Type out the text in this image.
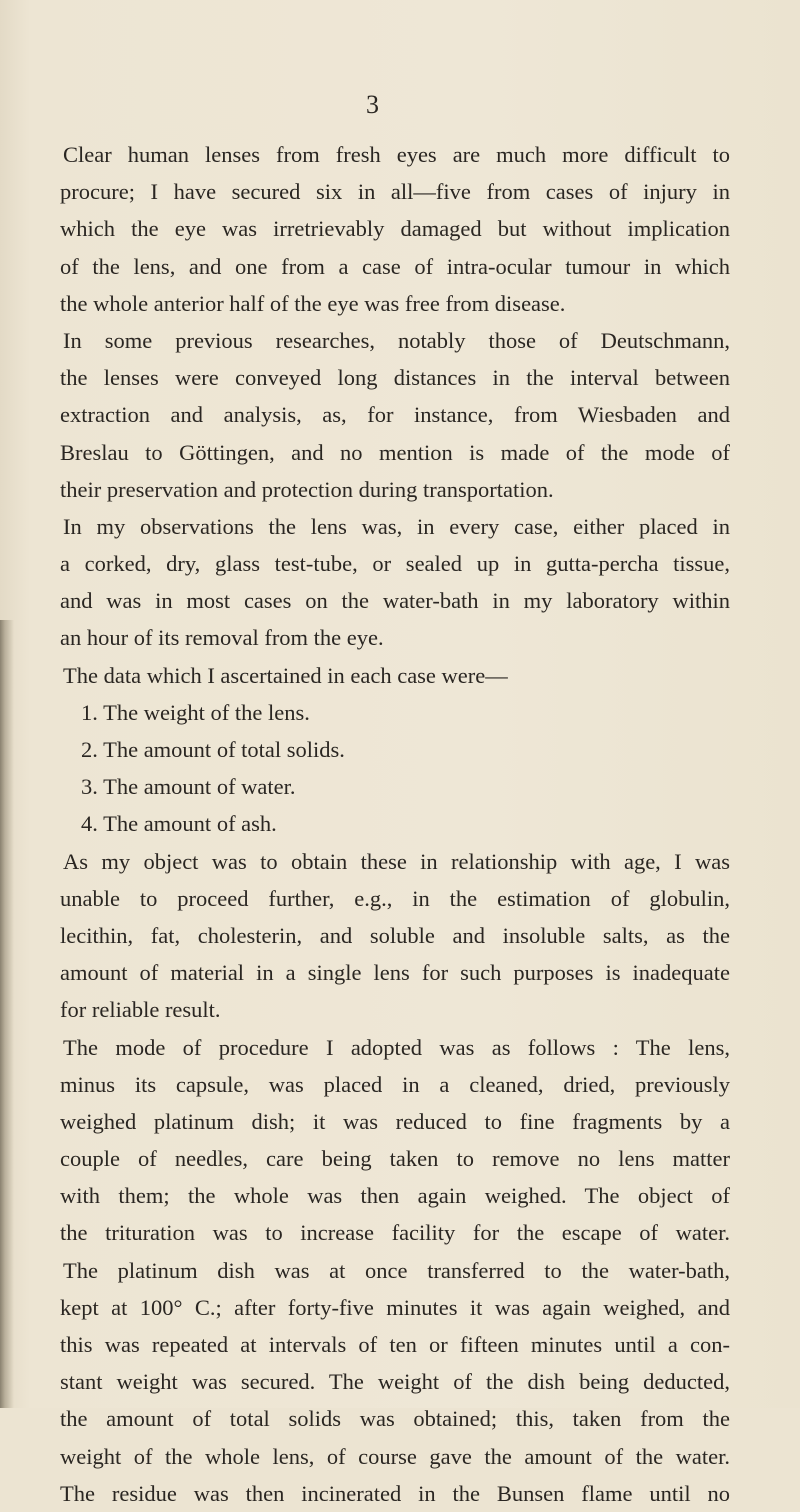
3
Clear human lenses from fresh eyes are much more difficult to
procure; I have secured six in all—five from cases of injury in
which the eye was irretrievably damaged but without implication
of the lens, and one from a case of intra-ocular tumour in which
the whole anterior half of the eye was free from disease.
In some previous researches, notably those of Deutschmann,
the lenses were conveyed long distances in the interval between
extraction and analysis, as, for instance, from Wiesbaden and
Breslau to Göttingen, and no mention is made of the mode of
their preservation and protection during transportation.
In my observations the lens was, in every case, either placed in
a corked, dry, glass test-tube, or sealed up in gutta-percha tissue,
and was in most cases on the water-bath in my laboratory within
an hour of its removal from the eye.
The data which I ascertained in each case were—
1. The weight of the lens.
2. The amount of total solids.
3. The amount of water.
4. The amount of ash.
As my object was to obtain these in relationship with age, I was
unable to proceed further, e.g., in the estimation of globulin,
lecithin, fat, cholesterin, and soluble and insoluble salts, as the
amount of material in a single lens for such purposes is inadequate
for reliable result.
The mode of procedure I adopted was as follows : The lens,
minus its capsule, was placed in a cleaned, dried, previously
weighed platinum dish; it was reduced to fine fragments by a
couple of needles, care being taken to remove no lens matter
with them; the whole was then again weighed. The object of
the trituration was to increase facility for the escape of water.
The platinum dish was at once transferred to the water-bath,
kept at 100° C.; after forty-five minutes it was again weighed, and
this was repeated at intervals of ten or fifteen minutes until a con-
stant weight was secured. The weight of the dish being deducted,
the amount of total solids was obtained; this, taken from the
weight of the whole lens, of course gave the amount of the water.
The residue was then incinerated in the Bunsen flame until no
